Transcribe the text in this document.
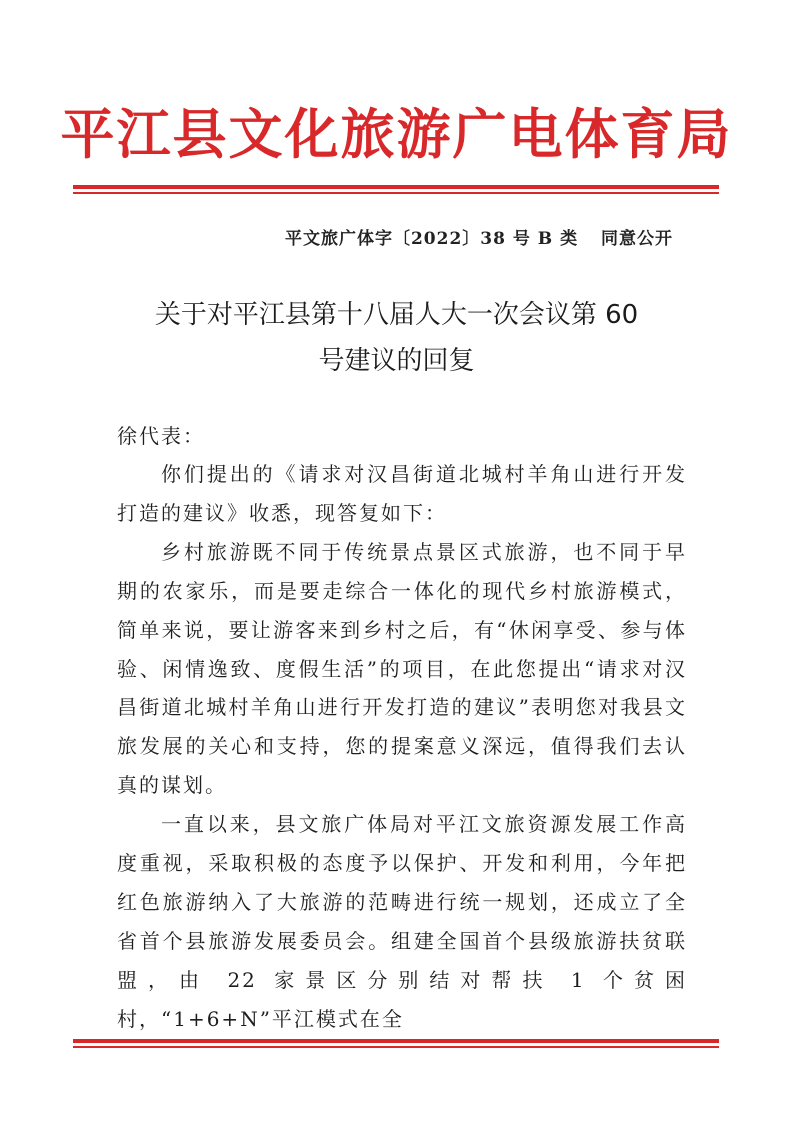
平江县文化旅游广电体育局
平文旅广体字〔2022〕38 号 B 类 同意公开
关于对平江县第十八届人大一次会议第 60
号建议的回复
徐代表：

你们提出的《请求对汉昌街道北城村羊角山进行开发打造的建议》收悉，现答复如下：

乡村旅游既不同于传统景点景区式旅游，也不同于早期的农家乐，而是要走综合一体化的现代乡村旅游模式，简单来说，要让游客来到乡村之后，有“休闲享受、参与体验、闲情逸致、度假生活”的项目，在此您提出“请求对汉昌街道北城村羊角山进行开发打造的建议”表明您对我县文旅发展的关心和支持，您的提案意义深远，值得我们去认真的谋划。

一直以来，县文旅广体局对平江文旅资源发展工作高度重视，采取积极的态度予以保护、开发和利用，今年把红色旅游纳入了大旅游的范畴进行统一规划，还成立了全省首个县旅游发展委员会。组建全国首个县级旅游扶贫联盟，由 22 家景区分别结对帮扶 1 个贫困村，“1+6+N”平江模式在全
